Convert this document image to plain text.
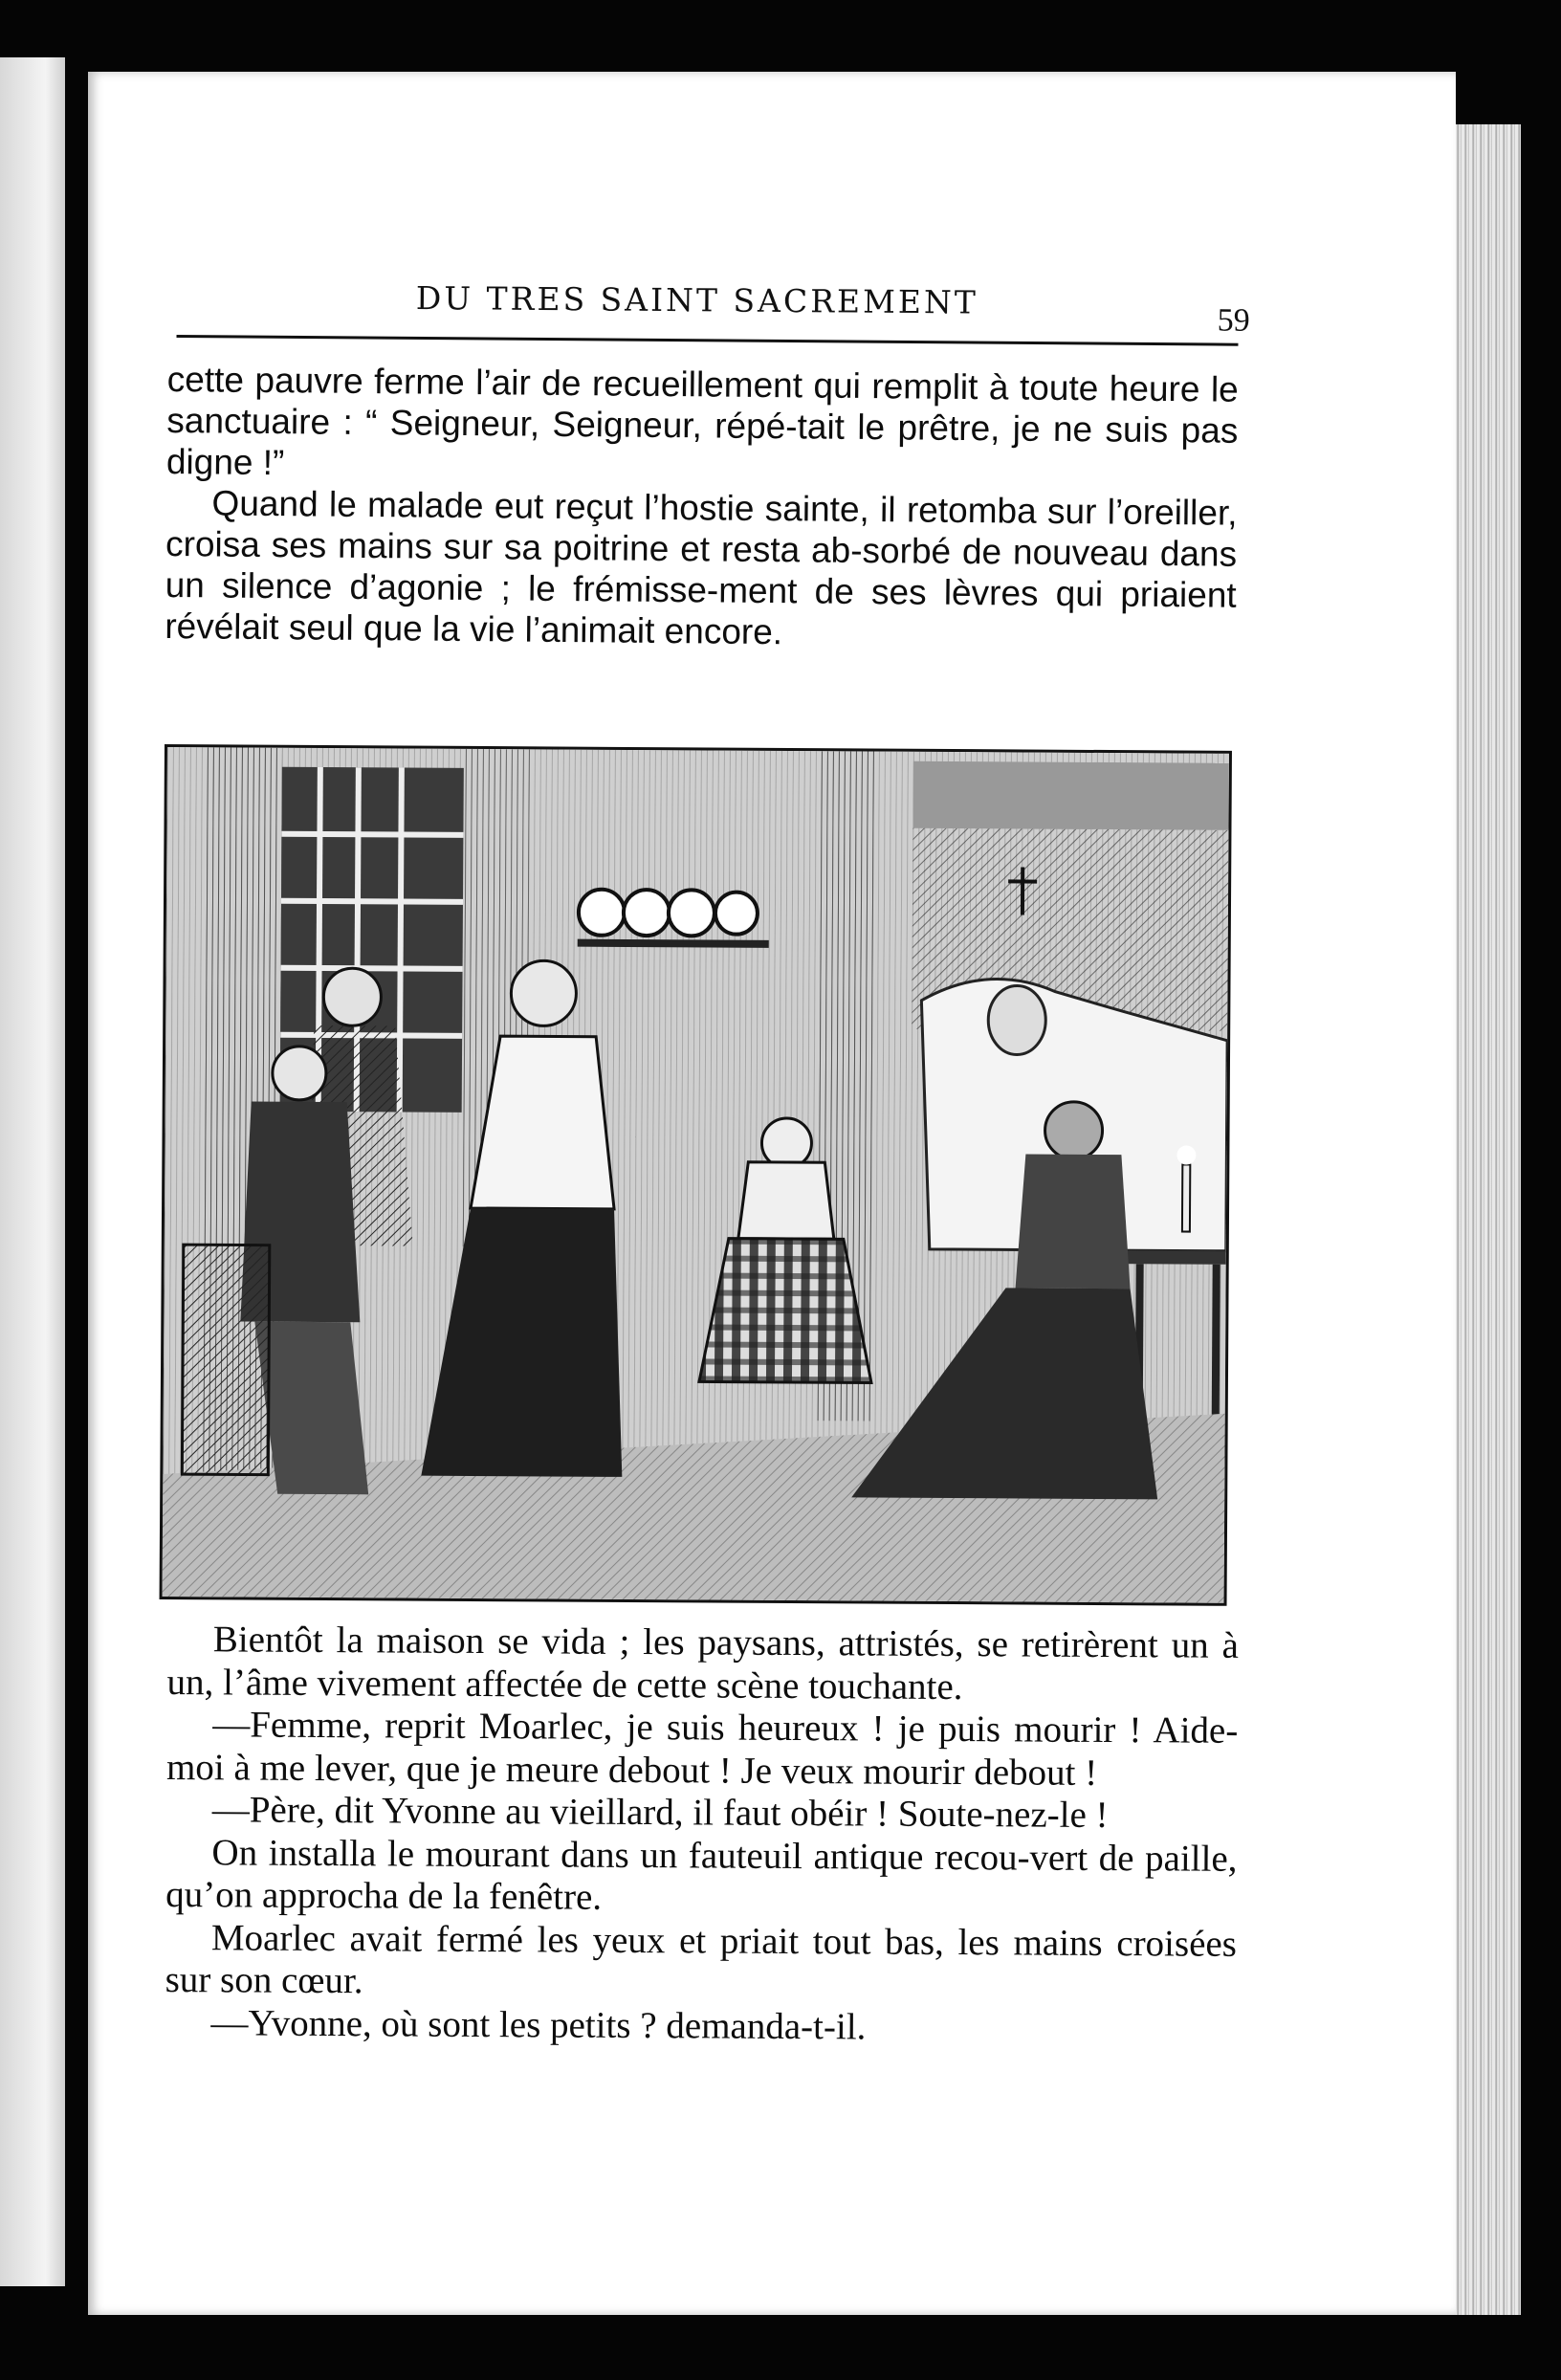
DU TRES SAINT SACREMENT	59

cette pauvre ferme l’air de recueillement qui remplit à toute heure le sanctuaire : “ Seigneur, Seigneur, répé-tait le prêtre, je ne suis pas digne !”

Quand le malade eut reçut l’hostie sainte, il retomba sur l’oreiller, croisa ses mains sur sa poitrine et resta ab-sorbé de nouveau dans un silence d’agonie ; le frémisse-ment de ses lèvres qui priaient révélait seul que la vie l’animait encore.

Bientôt la maison se vida ; les paysans, attristés, se retirèrent un à un, l’âme vivement affectée de cette scène touchante.

—Femme, reprit Moarlec, je suis heureux ! je puis mourir ! Aide-moi à me lever, que je meure debout ! Je veux mourir debout !

—Père, dit Yvonne au vieillard, il faut obéir ! Soute-nez-le !

On installa le mourant dans un fauteuil antique recou-vert de paille, qu’on approcha de la fenêtre.

Moarlec avait fermé les yeux et priait tout bas, les mains croisées sur son cœur.

—Yvonne, où sont les petits ? demanda-t-il.
